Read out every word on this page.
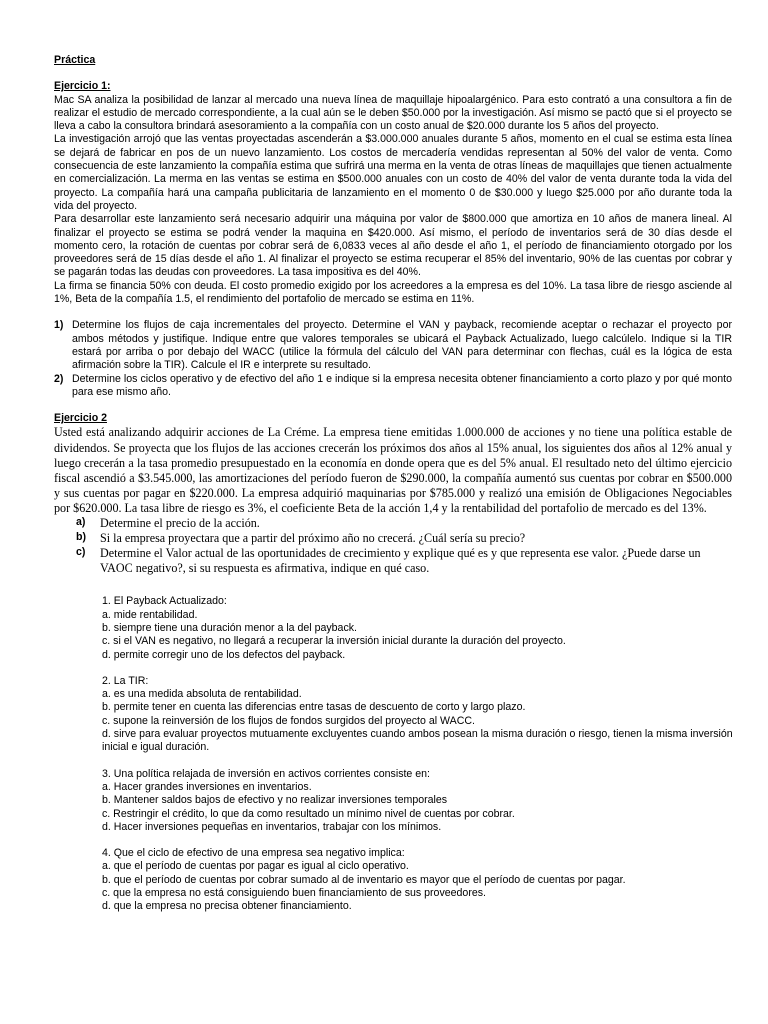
Práctica

Ejercicio 1:

Mac SA analiza la posibilidad de lanzar al mercado una nueva línea de maquillaje hipoalargénico. Para esto contrató a una consultora a fin de realizar el estudio de mercado correspondiente, a la cual aún se le deben $50.000 por la investigación. Así mismo se pactó que si el proyecto se lleva a cabo la consultora brindará asesoramiento a la compañía con un costo anual de $20.000 durante los 5 años del proyecto.

La investigación arrojó que las ventas proyectadas ascenderán a $3.000.000 anuales durante 5 años, momento en el cual se estima esta línea se dejará de fabricar en pos de un nuevo lanzamiento. Los costos de mercadería vendidas representan al 50% del valor de venta. Como consecuencia de este lanzamiento la compañía estima que sufrirá una merma en la venta de otras líneas de maquillajes que tienen actualmente en comercialización. La merma en las ventas se estima en $500.000 anuales con un costo de 40% del valor de venta durante toda la vida del proyecto. La compañía hará una campaña publicitaria de lanzamiento en el momento 0 de $30.000 y luego $25.000 por año durante toda la vida del proyecto.

Para desarrollar este lanzamiento será necesario adquirir una máquina por valor de $800.000 que amortiza en 10 años de manera lineal. Al finalizar el proyecto se estima se podrá vender la maquina en $420.000. Así mismo, el período de inventarios será de 30 días desde el momento cero, la rotación de cuentas por cobrar será de 6,0833 veces al año desde el año 1, el período de financiamiento otorgado por los proveedores será de 15 días desde el año 1. Al finalizar el proyecto se estima recuperar el 85% del inventario, 90% de las cuentas por cobrar y se pagarán todas las deudas con proveedores. La tasa impositiva es del 40%.

La firma se financia 50% con deuda. El costo promedio exigido por los acreedores a la empresa es del 10%. La tasa libre de riesgo asciende al 1%, Beta de la compañía 1.5, el rendimiento del portafolio de mercado se estima en 11%.

1) Determine los flujos de caja incrementales del proyecto. Determine el VAN y payback, recomiende aceptar o rechazar el proyecto por ambos métodos y justifique. Indique entre que valores temporales se ubicará el Payback Actualizado, luego calcúlelo. Indique si la TIR estará por arriba o por debajo del WACC (utilice la fórmula del cálculo del VAN para determinar con flechas, cuál es la lógica de esta afirmación sobre la TIR). Calcule el IR e interprete su resultado.
2) Determine los ciclos operativo y de efectivo del año 1 e indique si la empresa necesita obtener financiamiento a corto plazo y por qué monto para ese mismo año.

Ejercicio 2

Usted está analizando adquirir acciones de La Créme. La empresa tiene emitidas 1.000.000 de acciones y no tiene una política estable de dividendos. Se proyecta que los flujos de las acciones crecerán los próximos dos años al 15% anual, los siguientes dos años al 12% anual y luego crecerán a la tasa promedio presupuestado en la economía en donde opera que es del 5% anual. El resultado neto del último ejercicio fiscal ascendió a $3.545.000, las amortizaciones del período fueron de $290.000, la compañía aumentó sus cuentas por cobrar en $500.000 y sus cuentas por pagar en $220.000. La empresa adquirió maquinarias por $785.000 y realizó una emisión de Obligaciones Negociables por $620.000. La tasa libre de riesgo es 3%, el coeficiente Beta de la acción 1,4 y la rentabilidad del portafolio de mercado es del 13%.

a) Determine el precio de la acción.
b) Si la empresa proyectara que a partir del próximo año no crecerá. ¿Cuál sería su precio?
c) Determine el Valor actual de las oportunidades de crecimiento y explique qué es y que representa ese valor. ¿Puede darse un VAOC negativo?, si su respuesta es afirmativa, indique en qué caso.

1. El Payback Actualizado:

a. mide rentabilidad.

b. siempre tiene una duración menor a la del payback.

c. si el VAN es negativo, no llegará a recuperar la inversión inicial durante la duración del proyecto.

d. permite corregir uno de los defectos del payback.

2. La TIR:

a. es una medida absoluta de rentabilidad.

b. permite tener en cuenta las diferencias entre tasas de descuento de corto y largo plazo.

c. supone la reinversión de los flujos de fondos surgidos del proyecto al WACC.

d. sirve para evaluar proyectos mutuamente excluyentes cuando ambos posean la misma duración o riesgo, tienen la misma inversión inicial e igual duración.

3. Una política relajada de inversión en activos corrientes consiste en:

a. Hacer grandes inversiones en inventarios.

b. Mantener saldos bajos de efectivo y no realizar inversiones temporales

c. Restringir el crédito, lo que da como resultado un mínimo nivel de cuentas por cobrar.

d. Hacer inversiones pequeñas en inventarios, trabajar con los mínimos.

4. Que el ciclo de efectivo de una empresa sea negativo implica:

a. que el período de cuentas por pagar es igual al ciclo operativo.

b. que el período de cuentas por cobrar sumado al de inventario es mayor que el período de cuentas por pagar.

c. que la empresa no está consiguiendo buen financiamiento de sus proveedores.

d. que la empresa no precisa obtener financiamiento.
